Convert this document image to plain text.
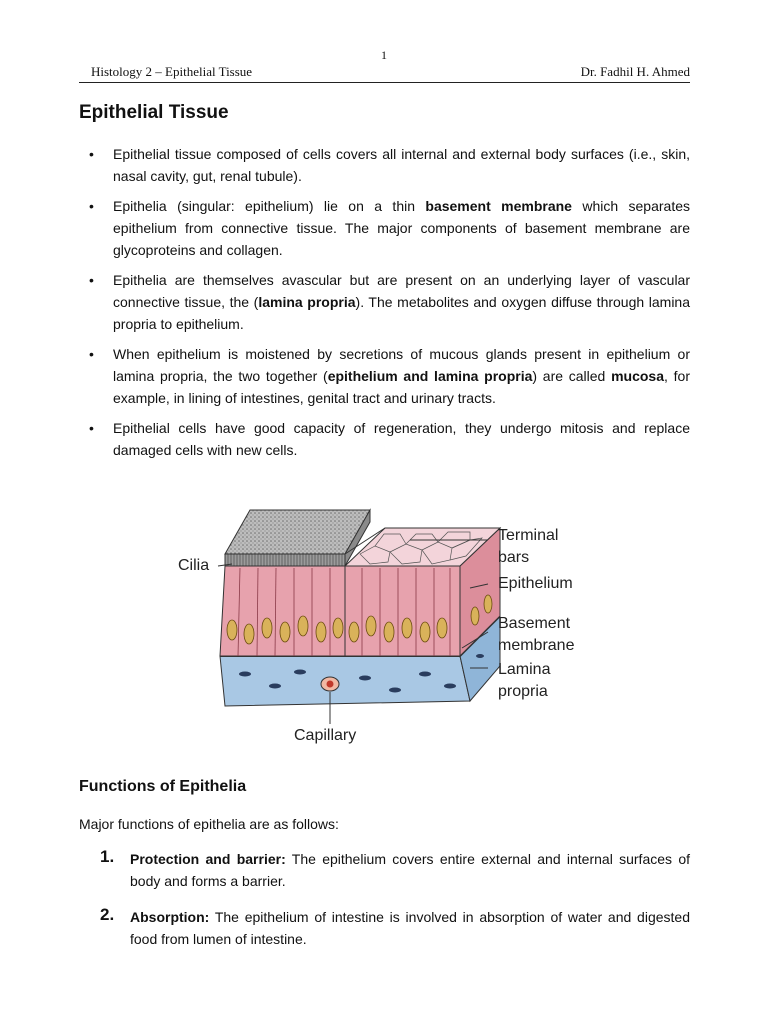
1
Histology 2 – Epithelial Tissue	Dr. Fadhil H. Ahmed
Epithelial Tissue
• Epithelial tissue composed of cells covers all internal and external body surfaces (i.e., skin, nasal cavity, gut, renal tubule).
• Epithelia (singular: epithelium) lie on a thin basement membrane which separates epithelium from connective tissue. The major components of basement membrane are glycoproteins and collagen.
• Epithelia are themselves avascular but are present on an underlying layer of vascular connective tissue, the (lamina propria). The metabolites and oxygen diffuse through lamina propria to epithelium.
• When epithelium is moistened by secretions of mucous glands present in epithelium or lamina propria, the two together (epithelium and lamina propria) are called mucosa, for example, in lining of intestines, genital tract and urinary tracts.
• Epithelial cells have good capacity of regeneration, they undergo mitosis and replace damaged cells with new cells.
Cilia
Terminal
bars
Epithelium
Basement
membrane
Lamina
propria
Capillary
Functions of Epithelia

Major functions of epithelia are as follows:

1. Protection and barrier: The epithelium covers entire external and internal surfaces of body and forms a barrier.
2. Absorption: The epithelium of intestine is involved in absorption of water and digested food from lumen of intestine.
